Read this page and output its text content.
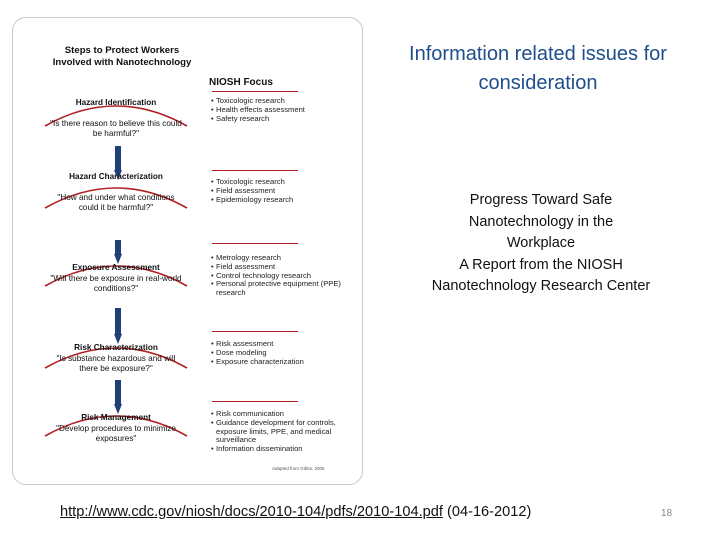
Steps to Protect Workers Involved with Nanotechnology
NIOSH Focus
Hazard Identification
"Is there reason to believe this could be harmful?"
Hazard Characterization
"How and under what conditions could it be harmful?"
Exposure Assessment
"Will there be exposure in real-world conditions?"
Risk Characterization
"Is substance hazardous and will there be exposure?"
Risk Management
"Develop procedures to minimize exposures"
• Toxicologic research
• Health effects assessment
• Safety research
• Toxicologic research
• Field assessment
• Epidemiology research
• Metrology research
• Field assessment
• Control technology research
• Personal protective equipment (PPE) research
• Risk assessment
• Dose modeling
• Exposure characterization
• Risk communication
• Guidance development for controls, exposure limits, PPE, and medical surveillance
• Information dissemination
Adapted from Gibbs, 2005
Information related issues for consideration
Progress Toward Safe
Nanotechnology in the
Workplace
A Report from the NIOSH
Nanotechnology Research Center
http://www.cdc.gov/niosh/docs/2010-104/pdfs/2010-104.pdf (04-16-2012)	18
